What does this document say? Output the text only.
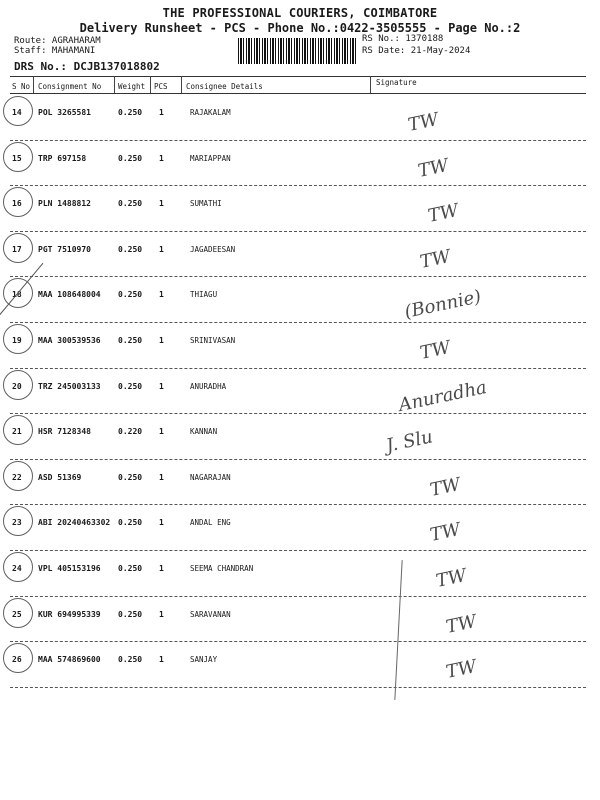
THE PROFESSIONAL COURIERS, COIMBATORE
Delivery Runsheet - PCS - Phone No.:0422-3505555 - Page No.:2
Route: AGRAHARAM
Staff: MAHAMANI
DRS No.: DCJB137018802
RS No.: 1370188
RS Date: 21-May-2024
S No Consignment No Weight PCS Consignee Details	Signature
14 POL 3265581	0.250 1	RAJAKALAM	TW
15 TRP 697158	0.250 1	MARIAPPAN	TW
16 PLN 1488812	0.250 1	SUMATHI	TW
17 PGT 7510970	0.250 1	JAGADEESAN	TW
18 MAA 108648004 0.250 1	THIAGU	(Bonnie)
19 MAA 300539536 0.250 1	SRINIVASAN	TW
20 TRZ 245003133 0.250 1	ANURADHA	Anuradha
21 HSR 7128348	0.220 1	KANNAN	J. Slu
22 ASD 51369	0.250 1	NAGARAJAN	TW
23 ABI 20240463302 0.250 1	ANDAL ENG	TW
24 VPL 405153196 0.250 1	SEEMA CHANDRAN	TW
25 KUR 694995339 0.250 1	SARAVANAN	TW
26 MAA 574869600 0.250 1	SANJAY	TW
